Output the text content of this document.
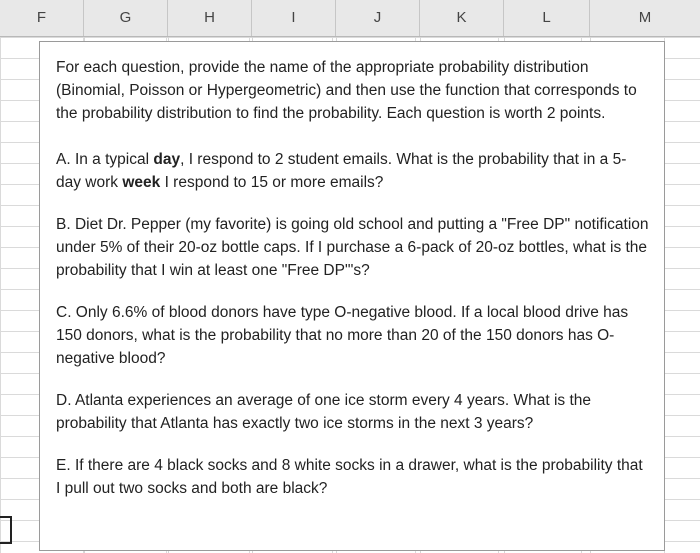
F	G	H	I	J	K	L	M

For each question, provide the name of the appropriate probability distribution (Binomial, Poisson or Hypergeometric) and then use the function that corresponds to the probability distribution to find the probability. Each question is worth 2 points.

A. In a typical day, I respond to 2 student emails. What is the probability that in a 5-day work week I respond to 15 or more emails?

B. Diet Dr. Pepper (my favorite) is going old school and putting a "Free DP" notification under 5% of their 20-oz bottle caps. If I purchase a 6-pack of 20-oz bottles, what is the probability that I win at least one "Free DP"'s?

C. Only 6.6% of blood donors have type O-negative blood. If a local blood drive has 150 donors, what is the probability that no more than 20 of the 150 donors has O-negative blood?

D. Atlanta experiences an average of one ice storm every 4 years. What is the probability that Atlanta has exactly two ice storms in the next 3 years?

E. If there are 4 black socks and 8 white socks in a drawer, what is the probability that I pull out two socks and both are black?
